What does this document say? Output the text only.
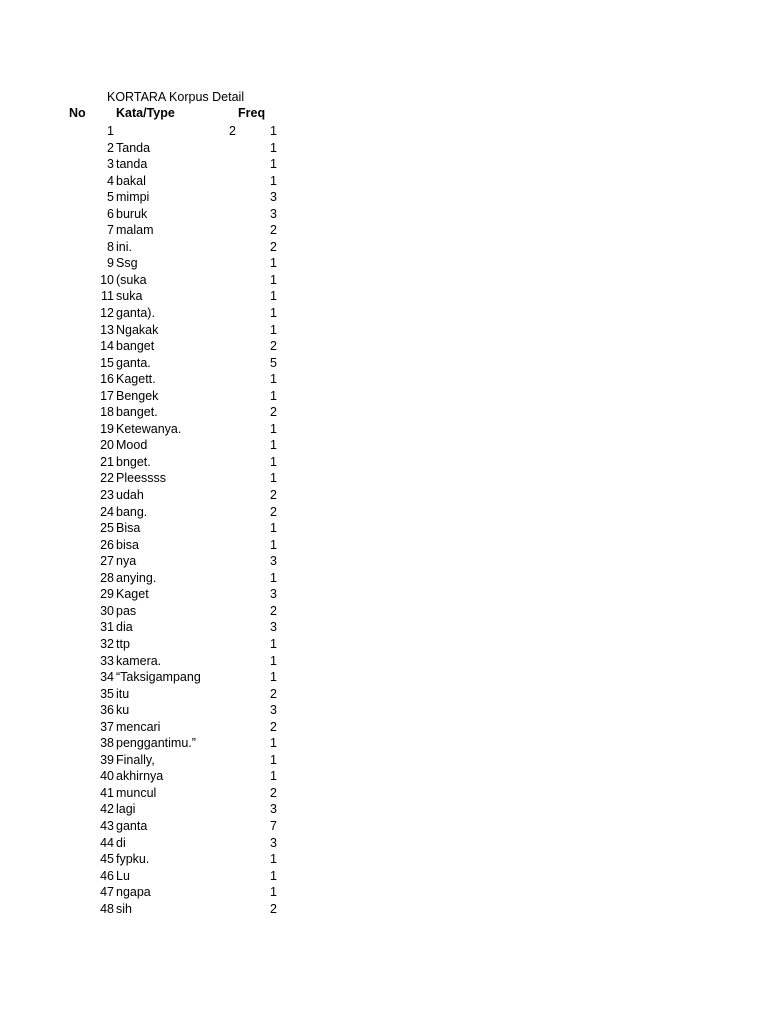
KORTARA Korpus Detail
No Kata/Type	Freq
1	2	1
2 Tanda	1
3 tanda	1
4 bakal	1
5 mimpi	3
6 buruk	3
7 malam	2
8 ini.	2
9 Ssg	1
10 (suka	1
11 suka	1
12 ganta).	1
13 Ngakak	1
14 banget	2
15 ganta.	5
16 Kagett.	1
17 Bengek	1
18 banget.	2
19 Ketewanya.	1
20 Mood	1
21 bnget.	1
22 Pleessss	1
23 udah	2
24 bang.	2
25 Bisa	1
26 bisa	1
27 nya	3
28 anying.	1
29 Kaget	3
30 pas	2
31 dia	3
32 ttp	1
33 kamera.	1
34 “Taksigampang	1
35 itu	2
36 ku	3
37 mencari	2
38 penggantimu.”	1
39 Finally,	1
40 akhirnya	1
41 muncul	2
42 lagi	3
43 ganta	7
44 di	3
45 fypku.	1
46 Lu	1
47 ngapa	1
48 sih	2
